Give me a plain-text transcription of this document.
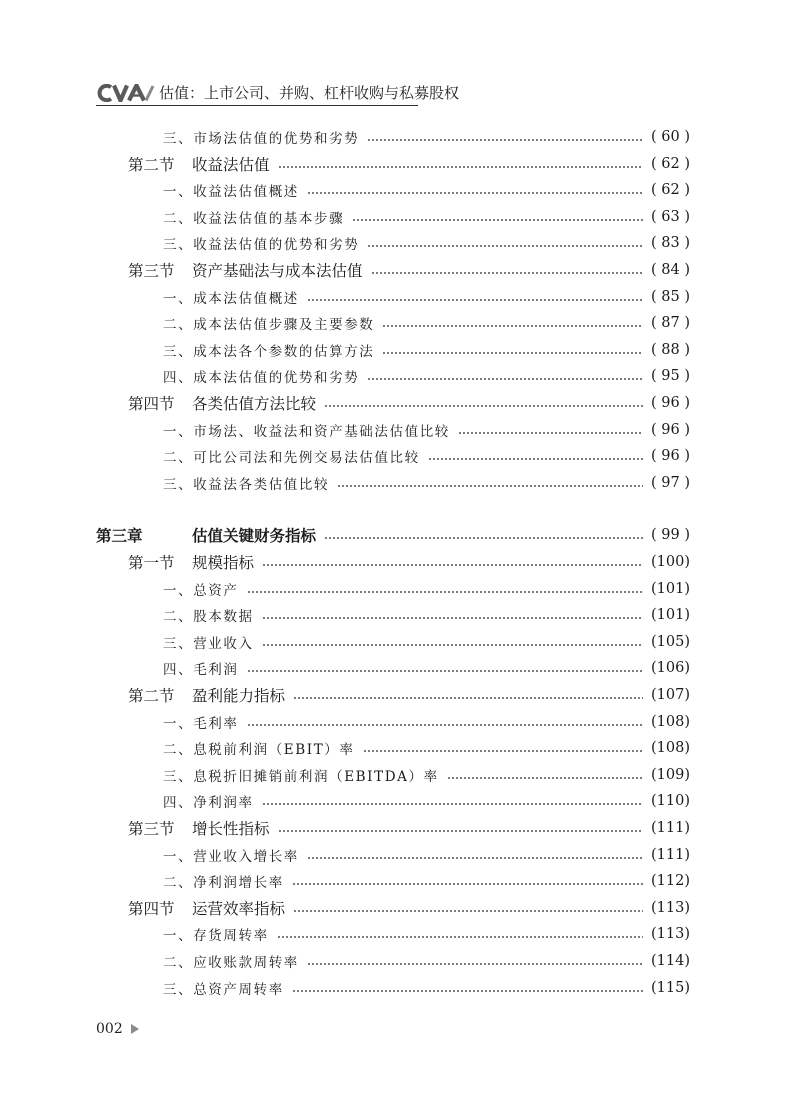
估值：上市公司、并购、杠杆收购与私募股权
三、市场法估值的优势和劣势	( 60 )
第二节 收益法估值	( 62 )
一、收益法估值概述	( 62 )
二、收益法估值的基本步骤	( 63 )
三、收益法估值的优势和劣势	( 83 )
第三节 资产基础法与成本法估值	( 84 )
一、成本法估值概述	( 85 )
二、成本法估值步骤及主要参数	( 87 )
三、成本法各个参数的估算方法	( 88 )
四、成本法估值的优势和劣势	( 95 )
第四节 各类估值方法比较	( 96 )
一、市场法、收益法和资产基础法估值比较	( 96 )
二、可比公司法和先例交易法估值比较	( 96 )
三、收益法各类估值比较	( 97 )
第三章	估值关键财务指标	( 99 )
第一节 规模指标	(100)
一、总资产	(101)
二、股本数据	(101)
三、营业收入	(105)
四、毛利润	(106)
第二节 盈利能力指标	(107)
一、毛利率	(108)
二、息税前利润（EBIT）率	(108)
三、息税折旧摊销前利润（EBITDA）率	(109)
四、净利润率	(110)
第三节 增长性指标	(111)
一、营业收入增长率	(111)
二、净利润增长率	(112)
第四节 运营效率指标	(113)
一、存货周转率	(113)
二、应收账款周转率	(114)
三、总资产周转率	(115)
002
